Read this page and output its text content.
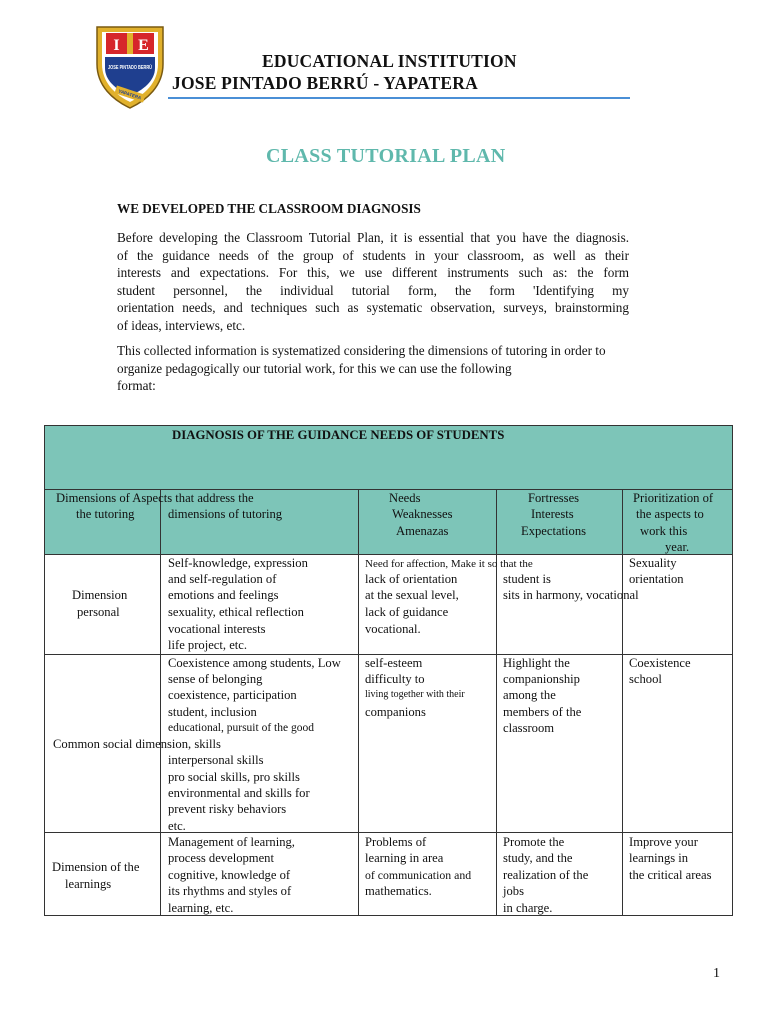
I E
JOSE PINTADO BERRÚ
YAPATERA
EDUCATIONAL INSTITUTION
JOSE PINTADO BERRÚ - YAPATERA
CLASS TUTORIAL PLAN
WE DEVELOPED THE CLASSROOM DIAGNOSIS
Before developing the Classroom Tutorial Plan, it is essential that you have the diagnosis.
of the guidance needs of the group of students in your classroom, as well as their
interests and expectations. For this, we use different instruments such as: the form
student personnel, the individual tutorial form, the form 'Identifying my
orientation needs, and techniques such as systematic observation, surveys, brainstorming
of ideas, interviews, etc.
This collected information is systematized considering the dimensions of tutoring in order to
organize pedagogically our tutorial work, for this we can use the following
format:
DIAGNOSIS OF THE GUIDANCE NEEDS OF STUDENTS
Dimensions of Aspects that address the
the tutoring	dimensions of tutoring
Needs
Weaknesses
Amenazas
Fortresses
Interests
Expectations
Prioritization of
the aspects to
work this
year.
Dimension
personal
Self-knowledge, expression
and self-regulation of
emotions and feelings
sexuality, ethical reflection
vocational interests
life project, etc.
Need for affection, Make it so that the
lack of orientation
at the sexual level,
lack of guidance
vocational.
student is
sits in harmony, vocational
Sexuality
orientation
Common social dimension, skills
Coexistence among students, Low
sense of belonging
coexistence, participation
student, inclusion
educational, pursuit of the good
interpersonal skills
pro social skills, pro skills
environmental and skills for
prevent risky behaviors
etc.
self-esteem
difficulty to
living together with their
companions
Highlight the
companionship
among the
members of the
classroom
Coexistence
school
Dimension of the
learnings
Management of learning,
process development
cognitive, knowledge of
its rhythms and styles of
learning, etc.
Problems of
learning in area
of communication and
mathematics.
Promote the
study, and the
realization of the
jobs
in charge.
Improve your
learnings in
the critical areas
1
